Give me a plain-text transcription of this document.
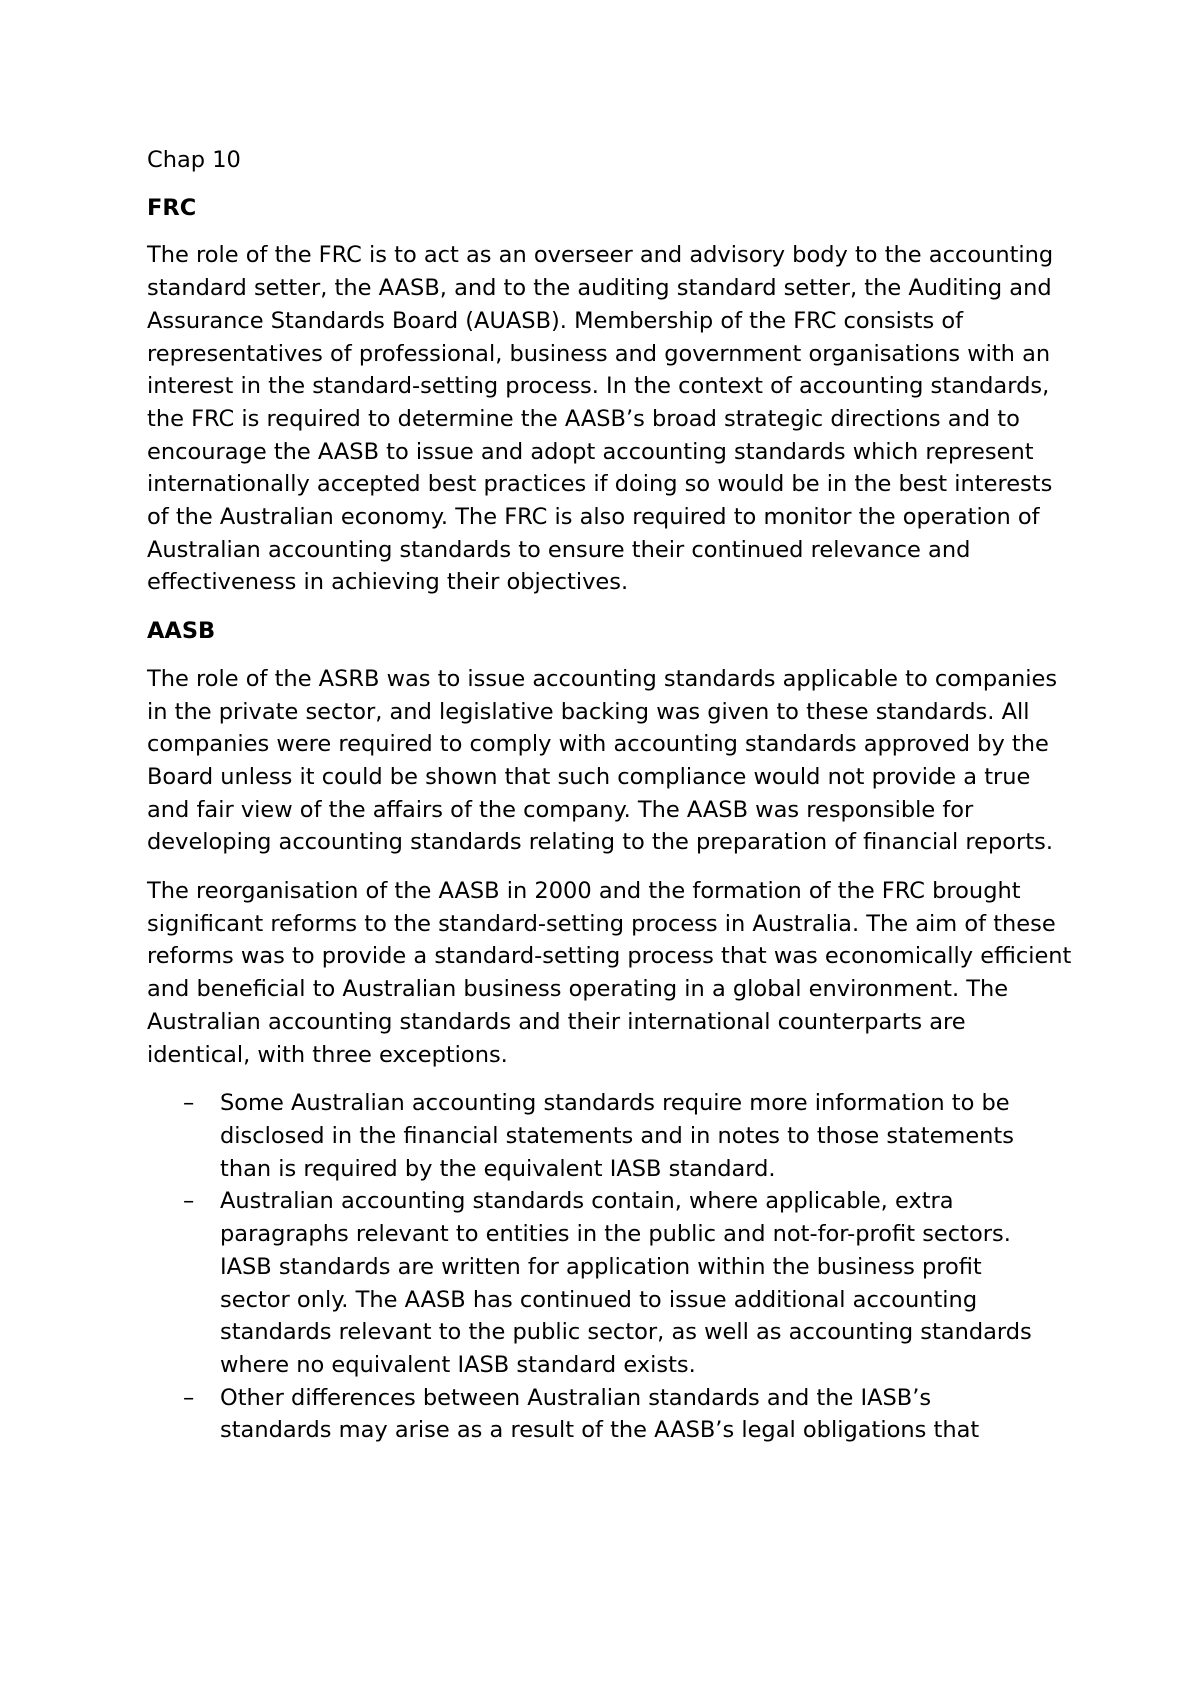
Chap 10

FRC

The role of the FRC is to act as an overseer and advisory body to the accounting standard setter, the AASB, and to the auditing standard setter, the Auditing and Assurance Standards Board (AUASB). Membership of the FRC consists of representatives of professional, business and government organisations with an interest in the standard-setting process. In the context of accounting standards, the FRC is required to determine the AASB’s broad strategic directions and to encourage the AASB to issue and adopt accounting standards which represent internationally accepted best practices if doing so would be in the best interests of the Australian economy. The FRC is also required to monitor the operation of Australian accounting standards to ensure their continued relevance and effectiveness in achieving their objectives.

AASB

The role of the ASRB was to issue accounting standards applicable to companies in the private sector, and legislative backing was given to these standards. All companies were required to comply with accounting standards approved by the Board unless it could be shown that such compliance would not provide a true and fair view of the affairs of the company. The AASB was responsible for developing accounting standards relating to the preparation of financial reports.

The reorganisation of the AASB in 2000 and the formation of the FRC brought significant reforms to the standard-setting process in Australia. The aim of these reforms was to provide a standard-setting process that was economically efficient and beneficial to Australian business operating in a global environment. The Australian accounting standards and their international counterparts are identical, with three exceptions.

– Some Australian accounting standards require more information to be disclosed in the financial statements and in notes to those statements than is required by the equivalent IASB standard.
– Australian accounting standards contain, where applicable, extra paragraphs relevant to entities in the public and not-for-profit sectors. IASB standards are written for application within the business profit sector only. The AASB has continued to issue additional accounting standards relevant to the public sector, as well as accounting standards where no equivalent IASB standard exists.
– Other differences between Australian standards and the IASB’s standards may arise as a result of the AASB’s legal obligations that
